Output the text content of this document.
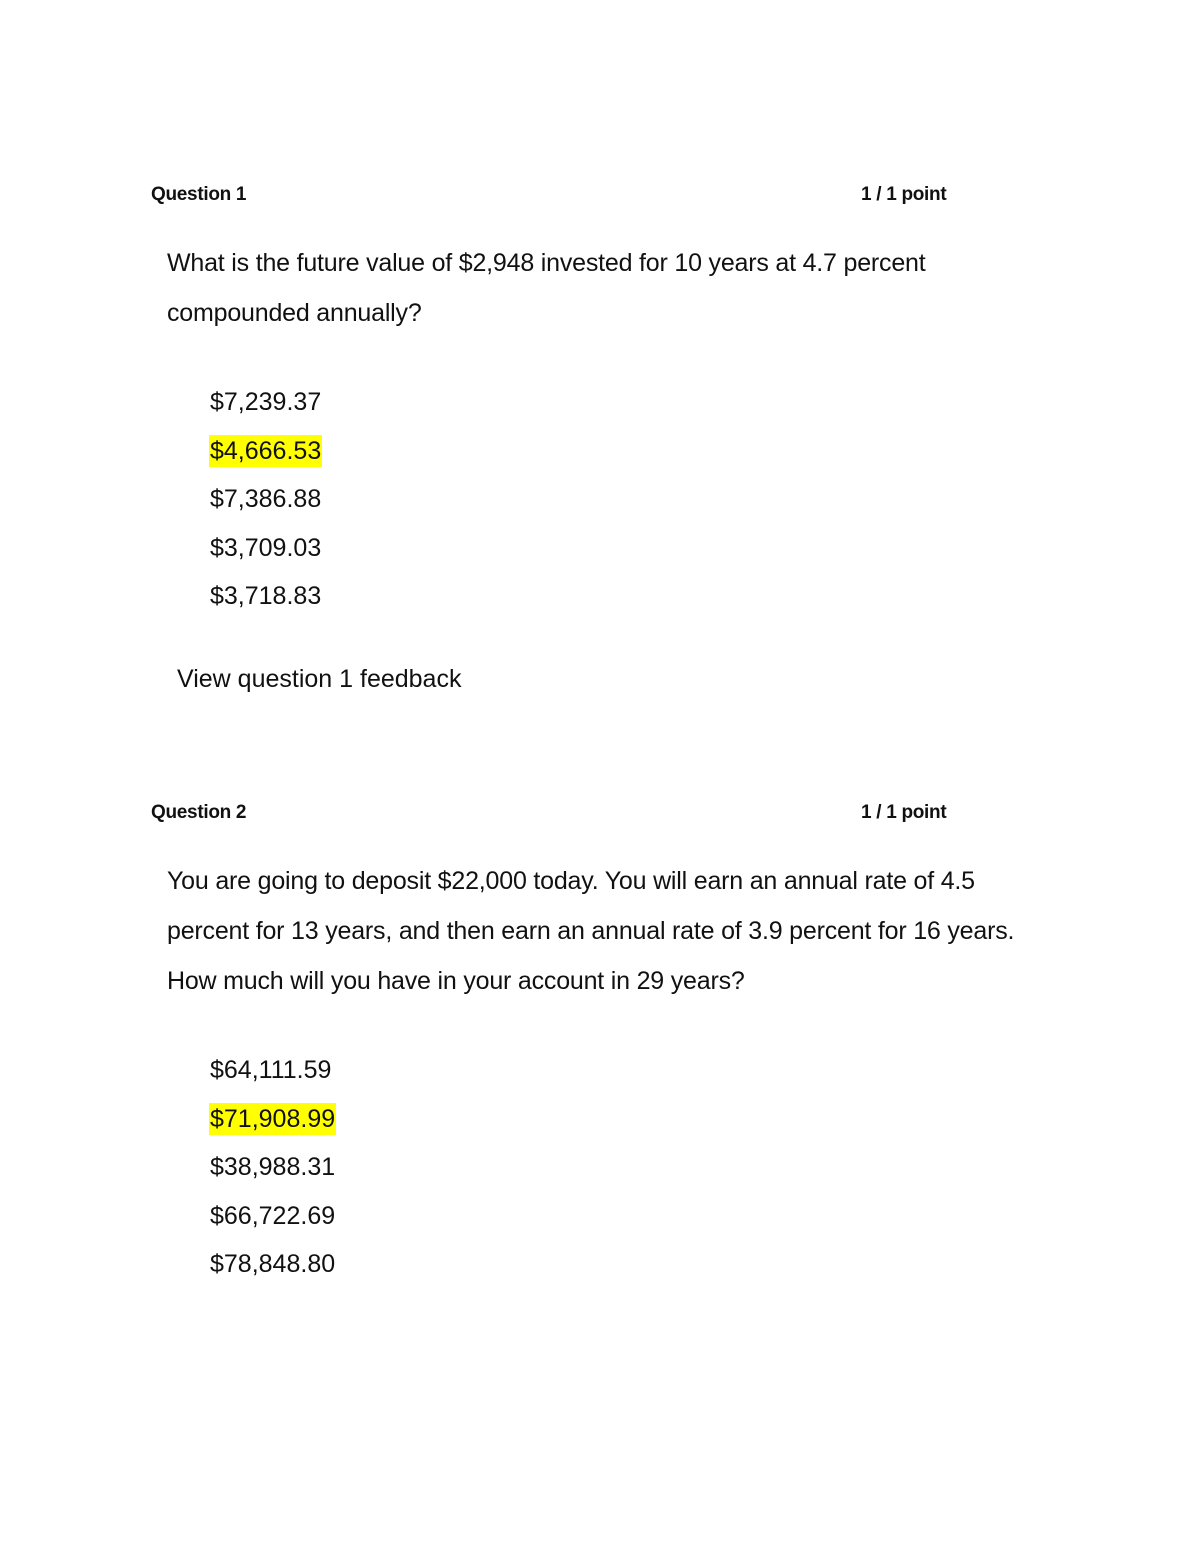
Question 1	1 / 1 point
What is the future value of $2,948 invested for 10 years at 4.7 percent compounded annually?
$7,239.37
$4,666.53
$7,386.88
$3,709.03
$3,718.83
View question 1 feedback
Question 2	1 / 1 point
You are going to deposit $22,000 today. You will earn an annual rate of 4.5 percent for 13 years, and then earn an annual rate of 3.9 percent for 16 years. How much will you have in your account in 29 years?
$64,111.59
$71,908.99
$38,988.31
$66,722.69
$78,848.80
